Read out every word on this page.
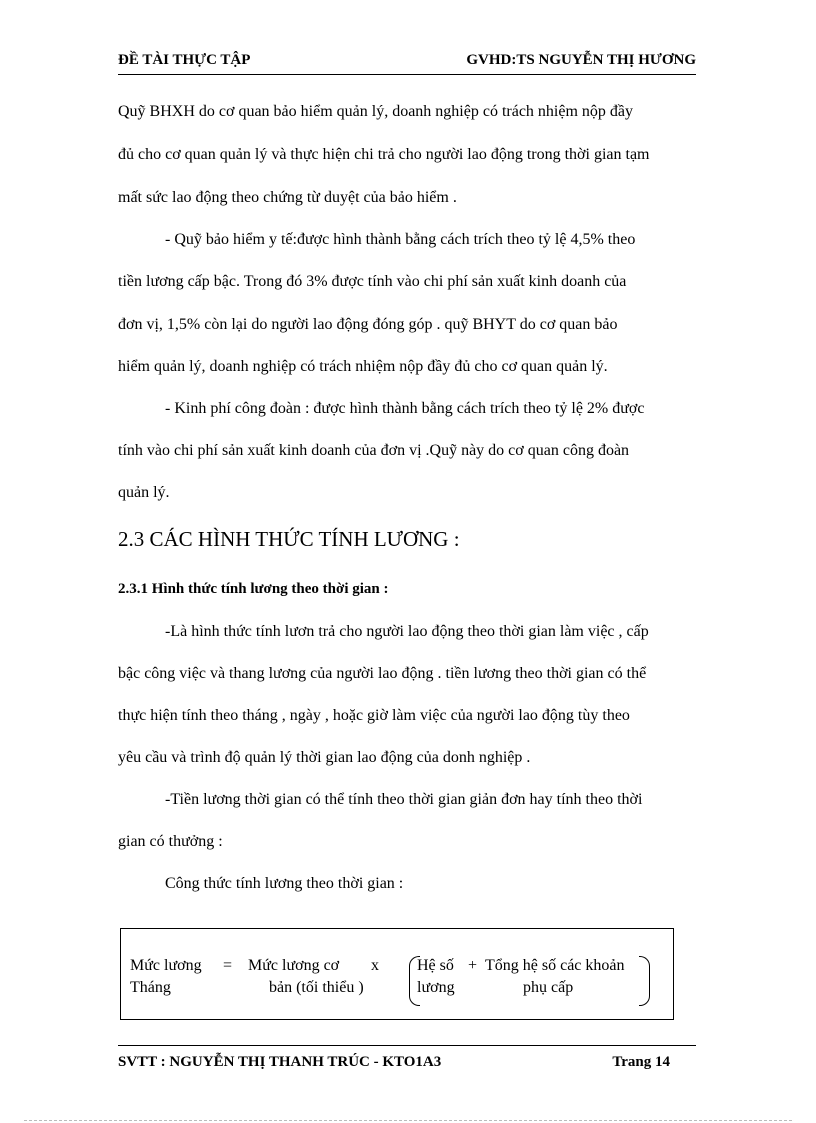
ĐỀ TÀI THỰC TẬP	GVHD:TS NGUYỄN THỊ HƯƠNG
Quỹ BHXH do cơ quan bảo hiểm quản lý, doanh nghiệp có trách nhiệm nộp đầy
đủ cho cơ quan quản lý và thực hiện chi trả cho người lao động trong thời gian tạm
mất sức lao động theo chứng từ duyệt của bảo hiểm .
- Quỹ bảo hiểm y tế:được hình thành bằng cách trích theo tỷ lệ 4,5% theo
tiền lương cấp bậc. Trong đó 3% được tính vào chi phí sản xuất kinh doanh của
đơn vị, 1,5% còn lại do người lao động đóng góp . quỹ BHYT do cơ quan bảo
hiểm quản lý, doanh nghiệp có trách nhiệm nộp đầy đủ cho cơ quan quản lý.
- Kinh phí công đoàn : được hình thành bằng cách trích theo tỷ lệ 2% được
tính vào chi phí sản xuất kinh doanh của đơn vị .Quỹ này do cơ quan công đoàn
quản lý.
2.3 CÁC HÌNH THỨC TÍNH LƯƠNG :
2.3.1 Hình thức tính lương theo thời gian :
-Là hình thức tính lươn trả cho người lao động theo thời gian làm việc , cấp
bậc công việc và thang lương của người lao động . tiền lương theo thời gian có thể
thực hiện tính theo tháng , ngày , hoặc giờ làm việc của người lao động tùy theo
yêu cầu và trình độ quản lý thời gian lao động của donh nghiệp .
-Tiền lương thời gian có thể tính theo thời gian giản đơn hay tính theo thời
gian có thưởng :
Công thức tính lương theo thời gian :
Mức lương
Tháng
= Mức lương cơ
bản (tối thiểu )
x Hệ số
lương
+ Tổng hệ số các khoản
phụ cấp
SVTT : NGUYỄN THỊ THANH TRÚC - KTO1A3	Trang 14
